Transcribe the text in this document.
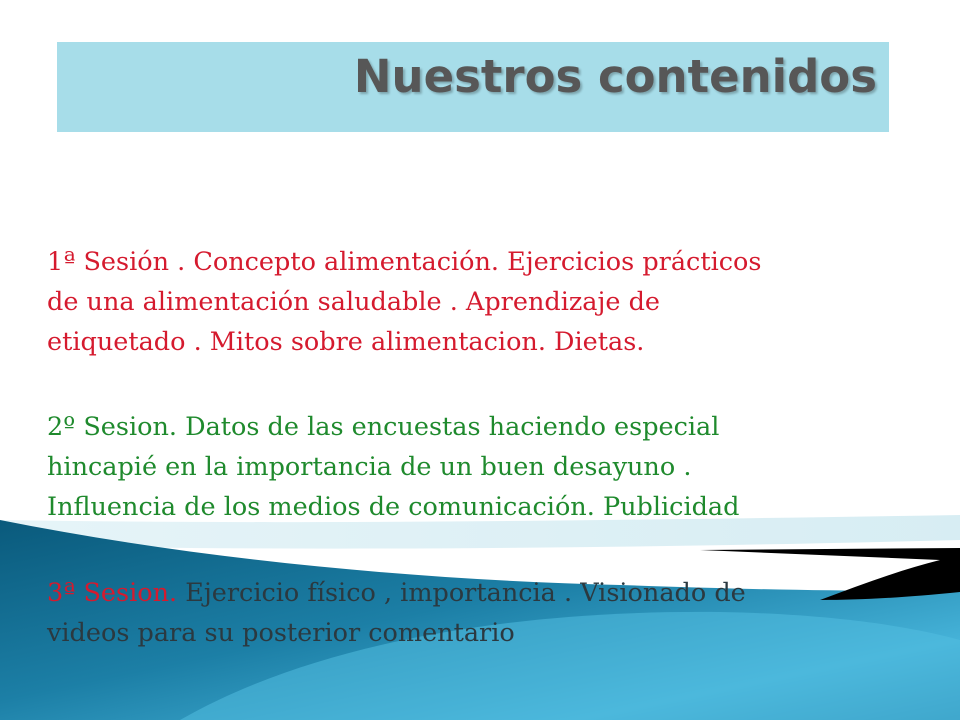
Nuestros contenidos
1ª Sesión . Concepto alimentación. Ejercicios prácticos
de una alimentación saludable . Aprendizaje de
etiquetado . Mitos sobre alimentacion. Dietas.
2º Sesion. Datos de las encuestas haciendo especial
hincapié en la importancia de un buen desayuno .
Influencia de los medios de comunicación. Publicidad
3ª Sesion. Ejercicio físico , importancia . Visionado de
videos para su posterior comentario
